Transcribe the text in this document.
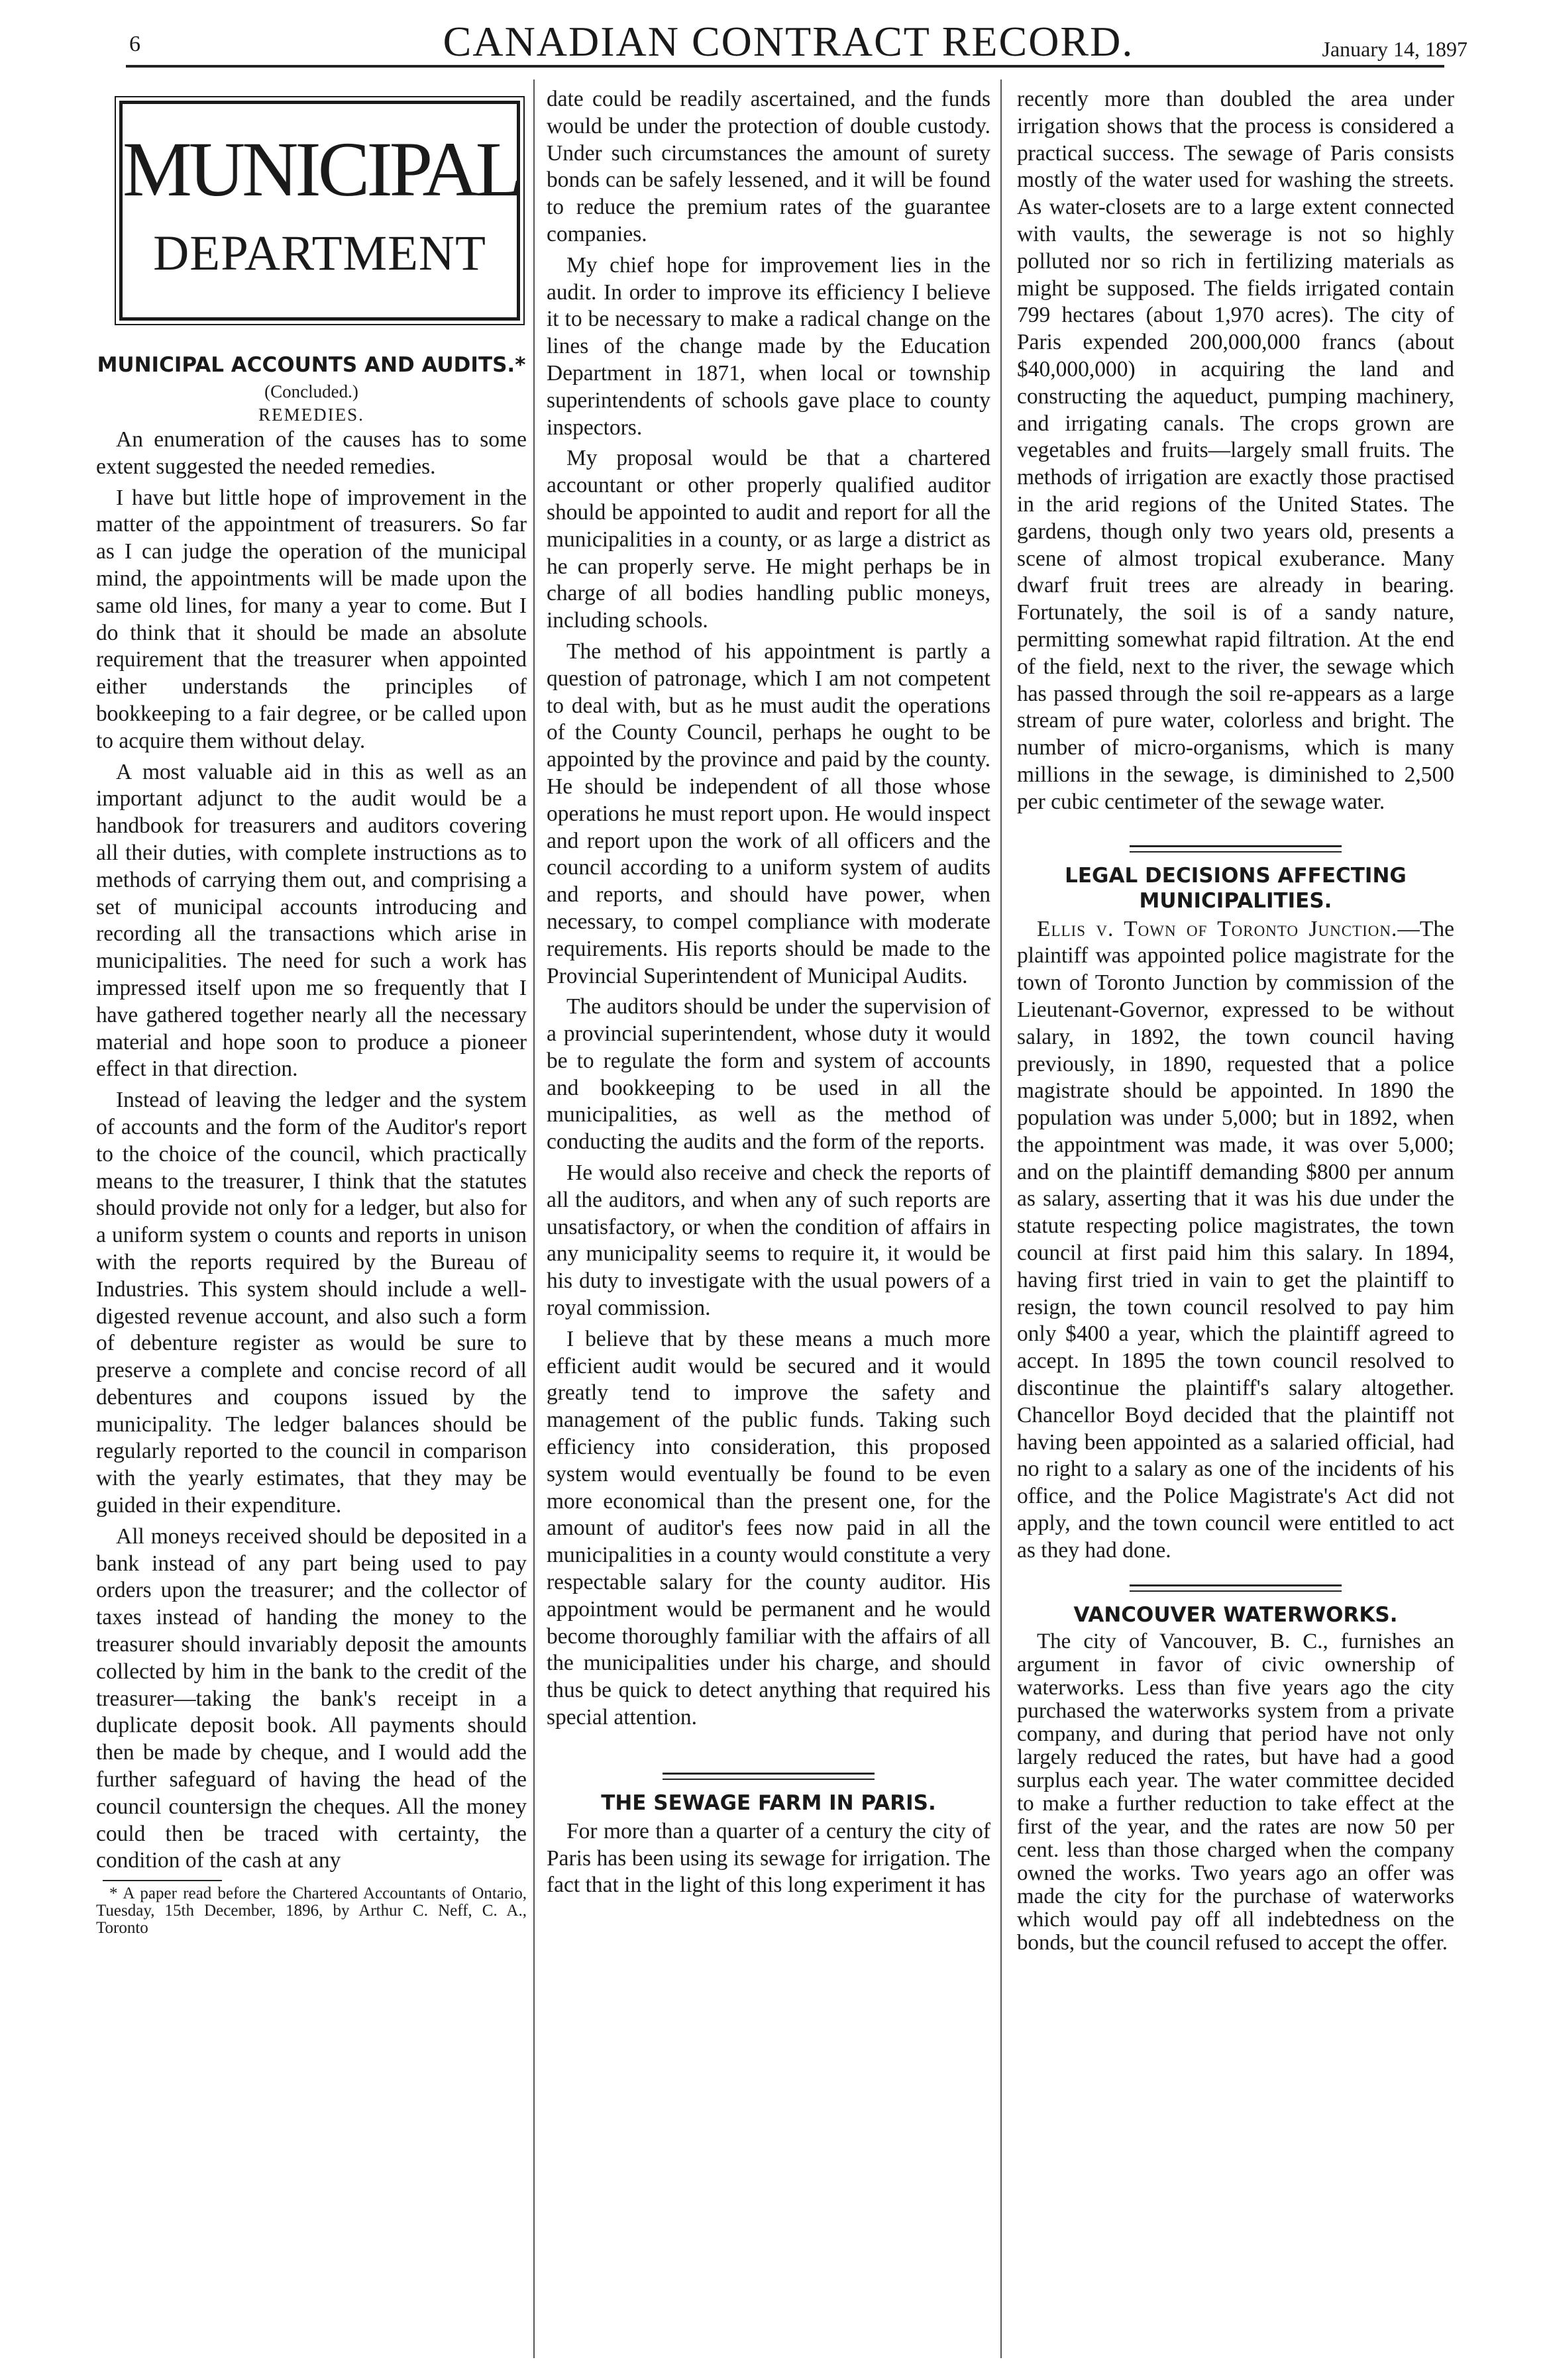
6	CANADIAN CONTRACT RECORD.	January 14, 1897
MUNICIPAL
DEPARTMENT
MUNICIPAL ACCOUNTS AND AUDITS.*
(Concluded.)
REMEDIES.

An enumeration of the causes has to some extent suggested the needed remedies.

I have but little hope of improvement in the matter of the appointment of treasurers. So far as I can judge the operation of the municipal mind, the appointments will be made upon the same old lines, for many a year to come. But I do think that it should be made an absolute requirement that the treasurer when appointed either understands the principles of bookkeeping to a fair degree, or be called upon to acquire them without delay.

A most valuable aid in this as well as an important adjunct to the audit would be a handbook for treasurers and auditors covering all their duties, with complete instructions as to methods of carrying them out, and comprising a set of municipal accounts introducing and recording all the transactions which arise in municipalities. The need for such a work has impressed itself upon me so frequently that I have gathered together nearly all the necessary material and hope soon to produce a pioneer effect in that direction.

Instead of leaving the ledger and the system of accounts and the form of the Auditor's report to the choice of the council, which practically means to the treasurer, I think that the statutes should provide not only for a ledger, but also for a uniform system o counts and reports in unison with the reports required by the Bureau of Industries. This system should include a well-digested revenue account, and also such a form of debenture register as would be sure to preserve a complete and concise record of all debentures and coupons issued by the municipality. The ledger balances should be regularly reported to the council in comparison with the yearly estimates, that they may be guided in their expenditure.

All moneys received should be deposited in a bank instead of any part being used to pay orders upon the treasurer; and the collector of taxes instead of handing the money to the treasurer should invariably deposit the amounts collected by him in the bank to the credit of the treasurer—taking the bank's receipt in a duplicate deposit book. All payments should then be made by cheque, and I would add the further safeguard of having the head of the council countersign the cheques. All the money could then be traced with certainty, the condition of the cash at any

* A paper read before the Chartered Accountants of Ontario, Tuesday, 15th December, 1896, by Arthur C. Neff, C. A., Toronto

date could be readily ascertained, and the funds would be under the protection of double custody. Under such circumstances the amount of surety bonds can be safely lessened, and it will be found to reduce the premium rates of the guarantee companies.

My chief hope for improvement lies in the audit. In order to improve its efficiency I believe it to be necessary to make a radical change on the lines of the change made by the Education Department in 1871, when local or township superintendents of schools gave place to county inspectors.

My proposal would be that a chartered accountant or other properly qualified auditor should be appointed to audit and report for all the municipalities in a county, or as large a district as he can properly serve. He might perhaps be in charge of all bodies handling public moneys, including schools.

The method of his appointment is partly a question of patronage, which I am not competent to deal with, but as he must audit the operations of the County Council, perhaps he ought to be appointed by the province and paid by the county. He should be independent of all those whose operations he must report upon. He would inspect and report upon the work of all officers and the council according to a uniform system of audits and reports, and should have power, when necessary, to compel compliance with moderate requirements. His reports should be made to the Provincial Superintendent of Municipal Audits.

The auditors should be under the supervision of a provincial superintendent, whose duty it would be to regulate the form and system of accounts and bookkeeping to be used in all the municipalities, as well as the method of conducting the audits and the form of the reports.

He would also receive and check the reports of all the auditors, and when any of such reports are unsatisfactory, or when the condition of affairs in any municipality seems to require it, it would be his duty to investigate with the usual powers of a royal commission.

I believe that by these means a much more efficient audit would be secured and it would greatly tend to improve the safety and management of the public funds. Taking such efficiency into consideration, this proposed system would eventually be found to be even more economical than the present one, for the amount of auditor's fees now paid in all the municipalities in a county would constitute a very respectable salary for the county auditor. His appointment would be permanent and he would become thoroughly familiar with the affairs of all the municipalities under his charge, and should thus be quick to detect anything that required his special attention.

THE SEWAGE FARM IN PARIS.

For more than a quarter of a century the city of Paris has been using its sewage for irrigation. The fact that in the light of this long experiment it has

recently more than doubled the area under irrigation shows that the process is considered a practical success. The sewage of Paris consists mostly of the water used for washing the streets. As water-closets are to a large extent connected with vaults, the sewerage is not so highly polluted nor so rich in fertilizing materials as might be supposed. The fields irrigated contain 799 hectares (about 1,970 acres). The city of Paris expended 200,000,000 francs (about $40,000,000) in acquiring the land and constructing the aqueduct, pumping machinery, and irrigating canals. The crops grown are vegetables and fruits—largely small fruits. The methods of irrigation are exactly those practised in the arid regions of the United States. The gardens, though only two years old, presents a scene of almost tropical exuberance. Many dwarf fruit trees are already in bearing. Fortunately, the soil is of a sandy nature, permitting somewhat rapid filtration. At the end of the field, next to the river, the sewage which has passed through the soil re-appears as a large stream of pure water, colorless and bright. The number of micro-organisms, which is many millions in the sewage, is diminished to 2,500 per cubic centimeter of the sewage water.

LEGAL DECISIONS AFFECTING MUNICIPALITIES.

Ellis v. Town of Toronto Junction.—The plaintiff was appointed police magistrate for the town of Toronto Junction by commission of the Lieutenant-Governor, expressed to be without salary, in 1892, the town council having previously, in 1890, requested that a police magistrate should be appointed. In 1890 the population was under 5,000; but in 1892, when the appointment was made, it was over 5,000; and on the plaintiff demanding $800 per annum as salary, asserting that it was his due under the statute respecting police magistrates, the town council at first paid him this salary. In 1894, having first tried in vain to get the plaintiff to resign, the town council resolved to pay him only $400 a year, which the plaintiff agreed to accept. In 1895 the town council resolved to discontinue the plaintiff's salary altogether. Chancellor Boyd decided that the plaintiff not having been appointed as a salaried official, had no right to a salary as one of the incidents of his office, and the Police Magistrate's Act did not apply, and the town council were entitled to act as they had done.

VANCOUVER WATERWORKS.

The city of Vancouver, B. C., furnishes an argument in favor of civic ownership of waterworks. Less than five years ago the city purchased the waterworks system from a private company, and during that period have not only largely reduced the rates, but have had a good surplus each year. The water committee decided to make a further reduction to take effect at the first of the year, and the rates are now 50 per cent. less than those charged when the company owned the works. Two years ago an offer was made the city for the purchase of waterworks which would pay off all indebtedness on the bonds, but the council refused to accept the offer.
